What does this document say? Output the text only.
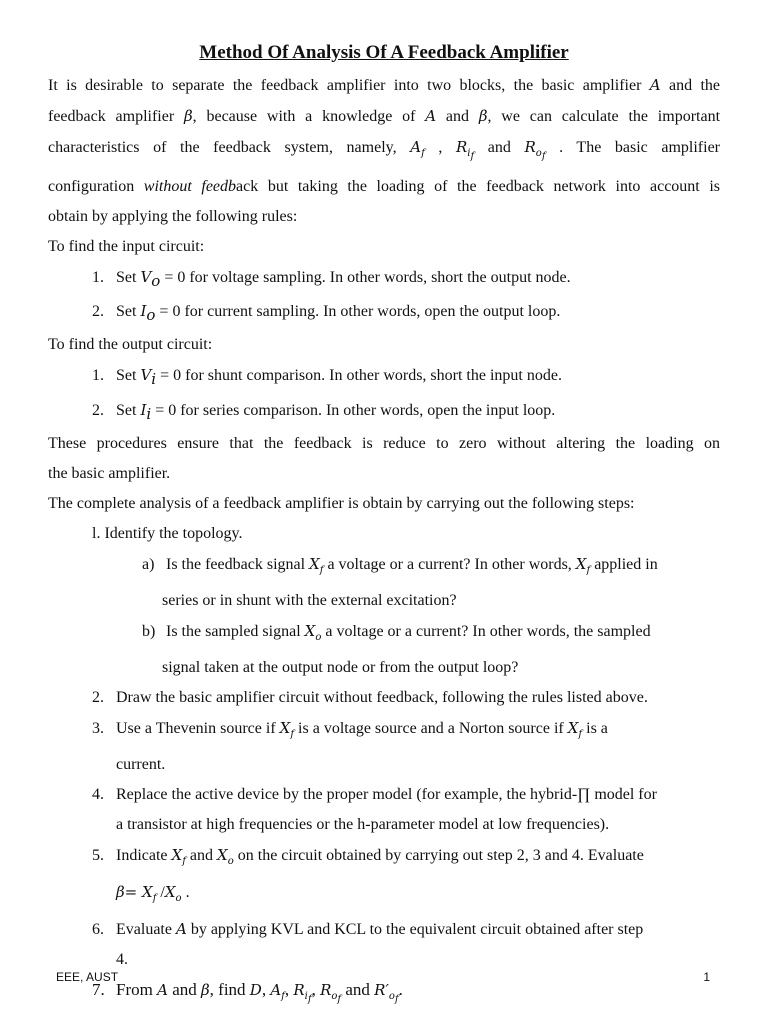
Method Of Analysis Of A Feedback Amplifier

It is desirable to separate the feedback amplifier into two blocks, the basic amplifier A and the
feedback amplifier β, because with a knowledge of A and β, we can calculate the important
characteristics of the feedback system, namely, $A_f$ , $R_{i_f}$ and $R_{o_f}$ . The basic amplifier
configuration without feedback but taking the loading of the feedback network into account is
obtain by applying the following rules:

To find the input circuit:

1. Set $V_o = 0$ for voltage sampling. In other words, short the output node.

2. Set $I_o = 0$ for current sampling. In other words, open the output loop.

To find the output circuit:

1. Set $V_i = 0$ for shunt comparison. In other words, short the input node.

2. Set $I_i = 0$ for series comparison. In other words, open the input loop.

These procedures ensure that the feedback is reduce to zero without altering the loading on
the basic amplifier.

The complete analysis of a feedback amplifier is obtain by carrying out the following steps:

l. Identify the topology.

a) Is the feedback signal $X_f$ a voltage or a current? In other words, $X_f$ applied in

series or in shunt with the external excitation?

b) Is the sampled signal $X_o$ a voltage or a current? In other words, the sampled

signal taken at the output node or from the output loop?

2. Draw the basic amplifier circuit without feedback, following the rules listed above.

3. Use a Thevenin source if $X_f$ is a voltage source and a Norton source if $X_f$ is a

current.

4. Replace the active device by the proper model (for example, the hybrid-∏ model for

a transistor at high frequencies or the h-parameter model at low frequencies).

5. Indicate $X_f$ and $X_o$ on the circuit obtained by carrying out step 2, 3 and 4. Evaluate

$\beta= X_f$ $/X_o$ .

6. Evaluate A by applying KVL and KCL to the equivalent circuit obtained after step

4.

7. From A and β, find D, $A_f$, $R_{i_f}$, $R_{o_f}$ and $R'_{o_f}$.

EEE, AUST	1
